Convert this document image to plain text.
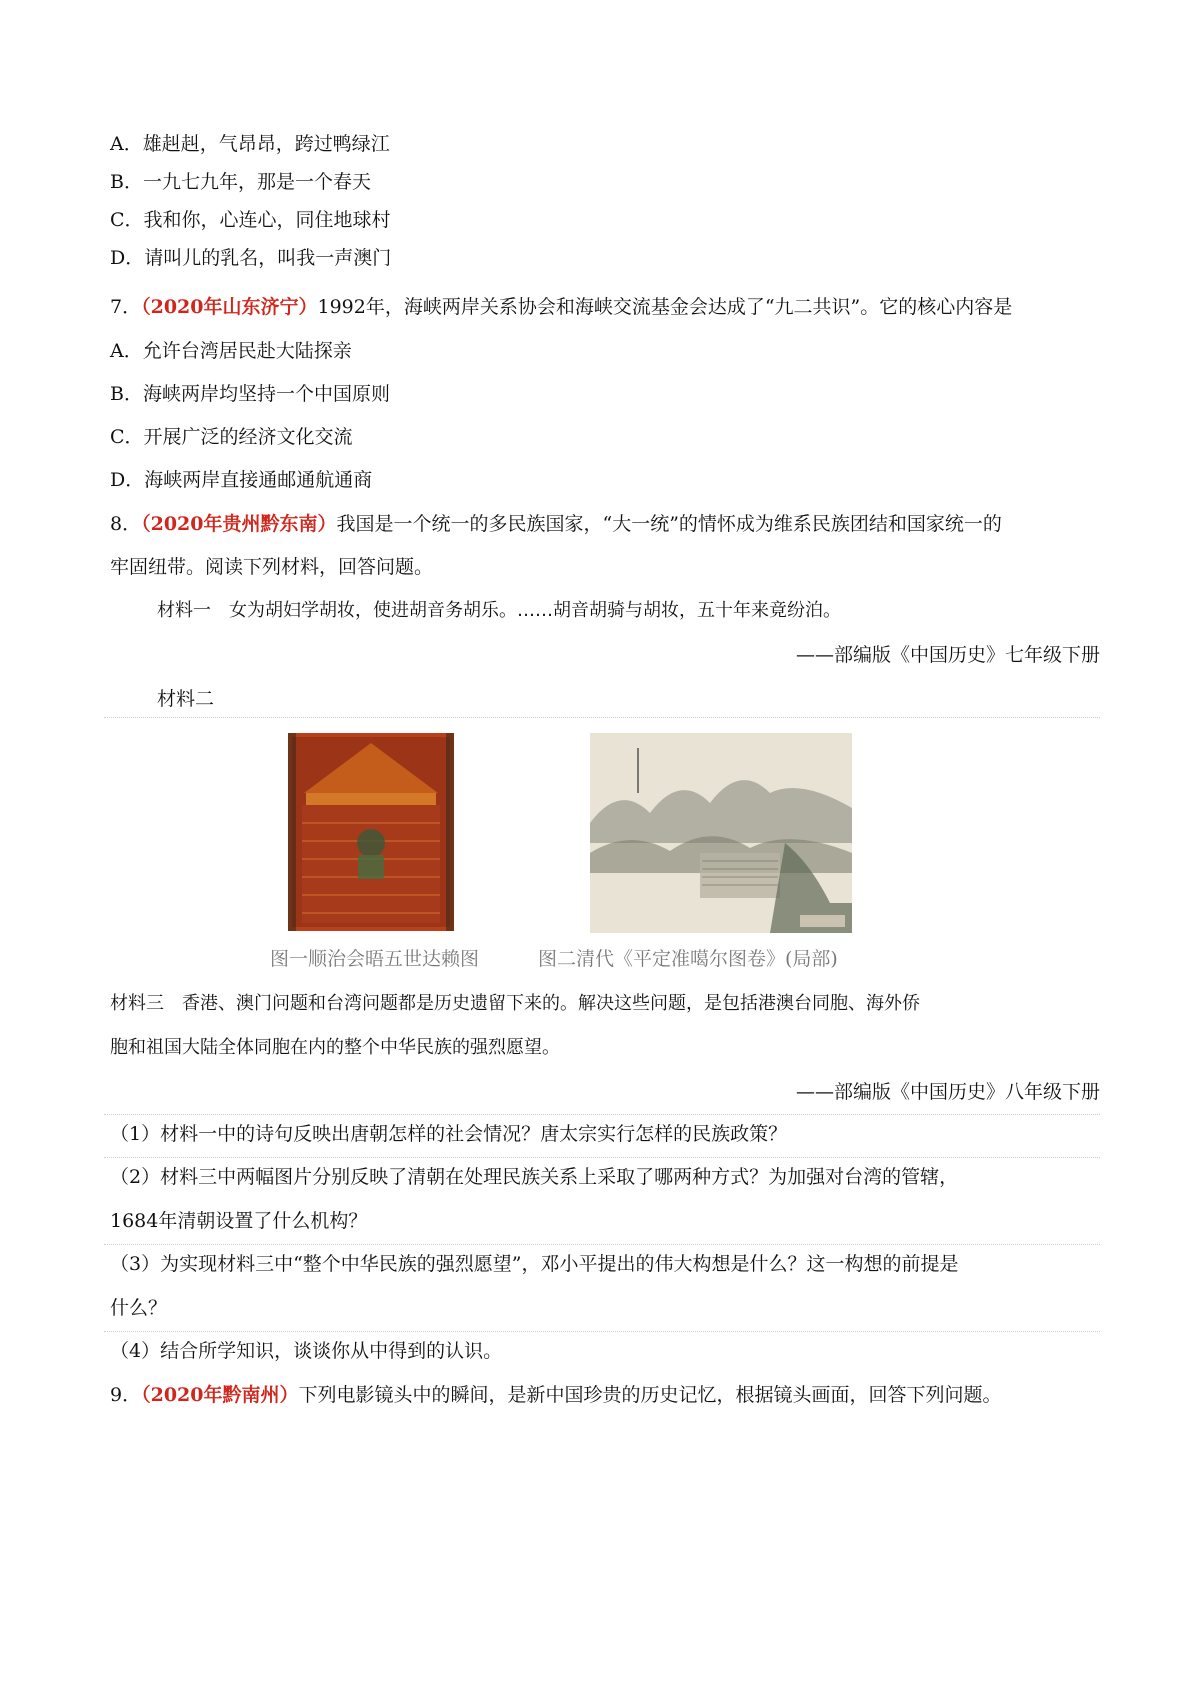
A．雄赳赳，气昂昂，跨过鸭绿江
B．一九七九年，那是一个春天
C．我和你，心连心，同住地球村
D．请叫儿的乳名，叫我一声澳门
7．（2020年山东济宁）1992年，海峡两岸关系协会和海峡交流基金会达成了“九二共识”。它的核心内容是
A．允许台湾居民赴大陆探亲
B．海峡两岸均坚持一个中国原则
C．开展广泛的经济文化交流
D．海峡两岸直接通邮通航通商
8．（2020年贵州黔东南）我国是一个统一的多民族国家，“大一统”的情怀成为维系民族团结和国家统一的
牢固纽带。阅读下列材料，回答问题。
材料一　女为胡妇学胡妆，使进胡音务胡乐。……胡音胡骑与胡妆，五十年来竟纷泊。
——部编版《中国历史》七年级下册
材料二
图一顺治会晤五世达赖图	图二清代《平定准噶尔图卷》(局部)
材料三　香港、澳门问题和台湾问题都是历史遗留下来的。解决这些问题，是包括港澳台同胞、海外侨
胞和祖国大陆全体同胞在内的整个中华民族的强烈愿望。
——部编版《中国历史》八年级下册
（1）材料一中的诗句反映出唐朝怎样的社会情况？唐太宗实行怎样的民族政策？
（2）材料三中两幅图片分别反映了清朝在处理民族关系上采取了哪两种方式？为加强对台湾的管辖，
1684年清朝设置了什么机构？
（3）为实现材料三中“整个中华民族的强烈愿望”，邓小平提出的伟大构想是什么？这一构想的前提是
什么？
（4）结合所学知识，谈谈你从中得到的认识。
9．（2020年黔南州）下列电影镜头中的瞬间，是新中国珍贵的历史记忆，根据镜头画面，回答下列问题。
